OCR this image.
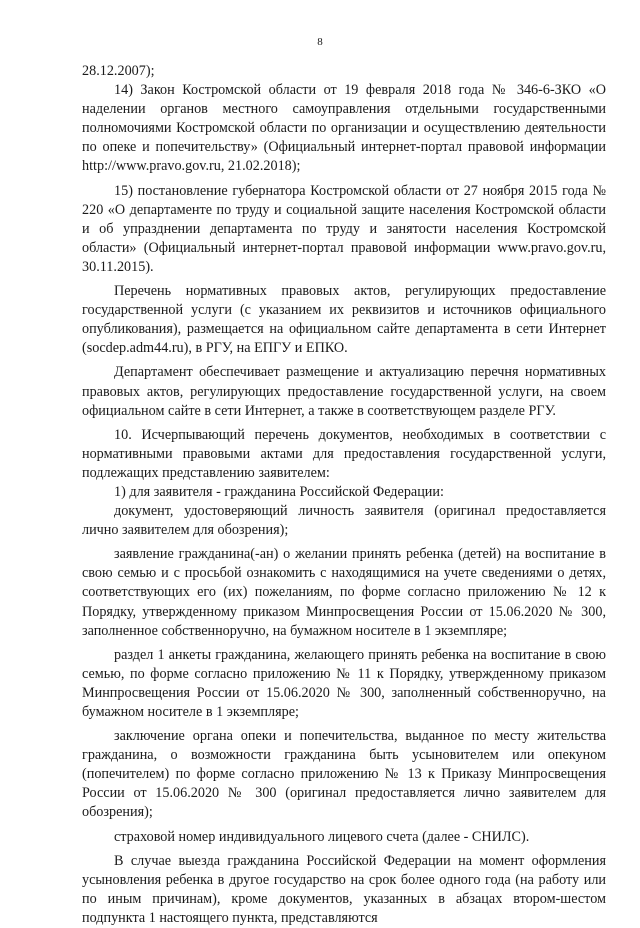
8

28.12.2007);

14) Закон Костромской области от 19 февраля 2018 года № 346-6-ЗКО «О наделении органов местного самоуправления отдельными государственными полномочиями Костромской области по организации и осуществлению деятельности по опеке и попечительству» (Официальный интернет-портал правовой информации http://www.pravo.gov.ru, 21.02.2018);

15) постановление губернатора Костромской области от 27 ноября 2015 года № 220 «О департаменте по труду и социальной защите населения Костромской области и об упразднении департамента по труду и занятости населения Костромской области» (Официальный интернет-портал правовой информации www.pravo.gov.ru, 30.11.2015).

Перечень нормативных правовых актов, регулирующих предоставление государственной услуги (с указанием их реквизитов и источников официального опубликования), размещается на официальном сайте департамента в сети Интернет (socdep.adm44.ru), в РГУ, на ЕПГУ и ЕПКО.

Департамент обеспечивает размещение и актуализацию перечня нормативных правовых актов, регулирующих предоставление государственной услуги, на своем официальном сайте в сети Интернет, а также в соответствующем разделе РГУ.

10. Исчерпывающий перечень документов, необходимых в соответствии с нормативными правовыми актами для предоставления государственной услуги, подлежащих представлению заявителем:

1) для заявителя - гражданина Российской Федерации:

документ, удостоверяющий личность заявителя (оригинал предоставляется лично заявителем для обозрения);

заявление гражданина(-ан) о желании принять ребенка (детей) на воспитание в свою семью и с просьбой ознакомить с находящимися на учете сведениями о детях, соответствующих его (их) пожеланиям, по форме согласно приложению № 12 к Порядку, утвержденному приказом Минпросвещения России от 15.06.2020 № 300, заполненное собственноручно, на бумажном носителе в 1 экземпляре;

раздел 1 анкеты гражданина, желающего принять ребенка на воспитание в свою семью, по форме согласно приложению № 11 к Порядку, утвержденному приказом Минпросвещения России от 15.06.2020 № 300, заполненный собственноручно, на бумажном носителе в 1 экземпляре;

заключение органа опеки и попечительства, выданное по месту жительства гражданина, о возможности гражданина быть усыновителем или опекуном (попечителем) по форме согласно приложению № 13 к Приказу Минпросвещения России от 15.06.2020 № 300 (оригинал предоставляется лично заявителем для обозрения);

страховой номер индивидуального лицевого счета (далее - СНИЛС).

В случае выезда гражданина Российской Федерации на момент оформления усыновления ребенка в другое государство на срок более одного года (на работу или по иным причинам), кроме документов, указанных в абзацах втором-шестом подпункта 1 настоящего пункта, представляются
